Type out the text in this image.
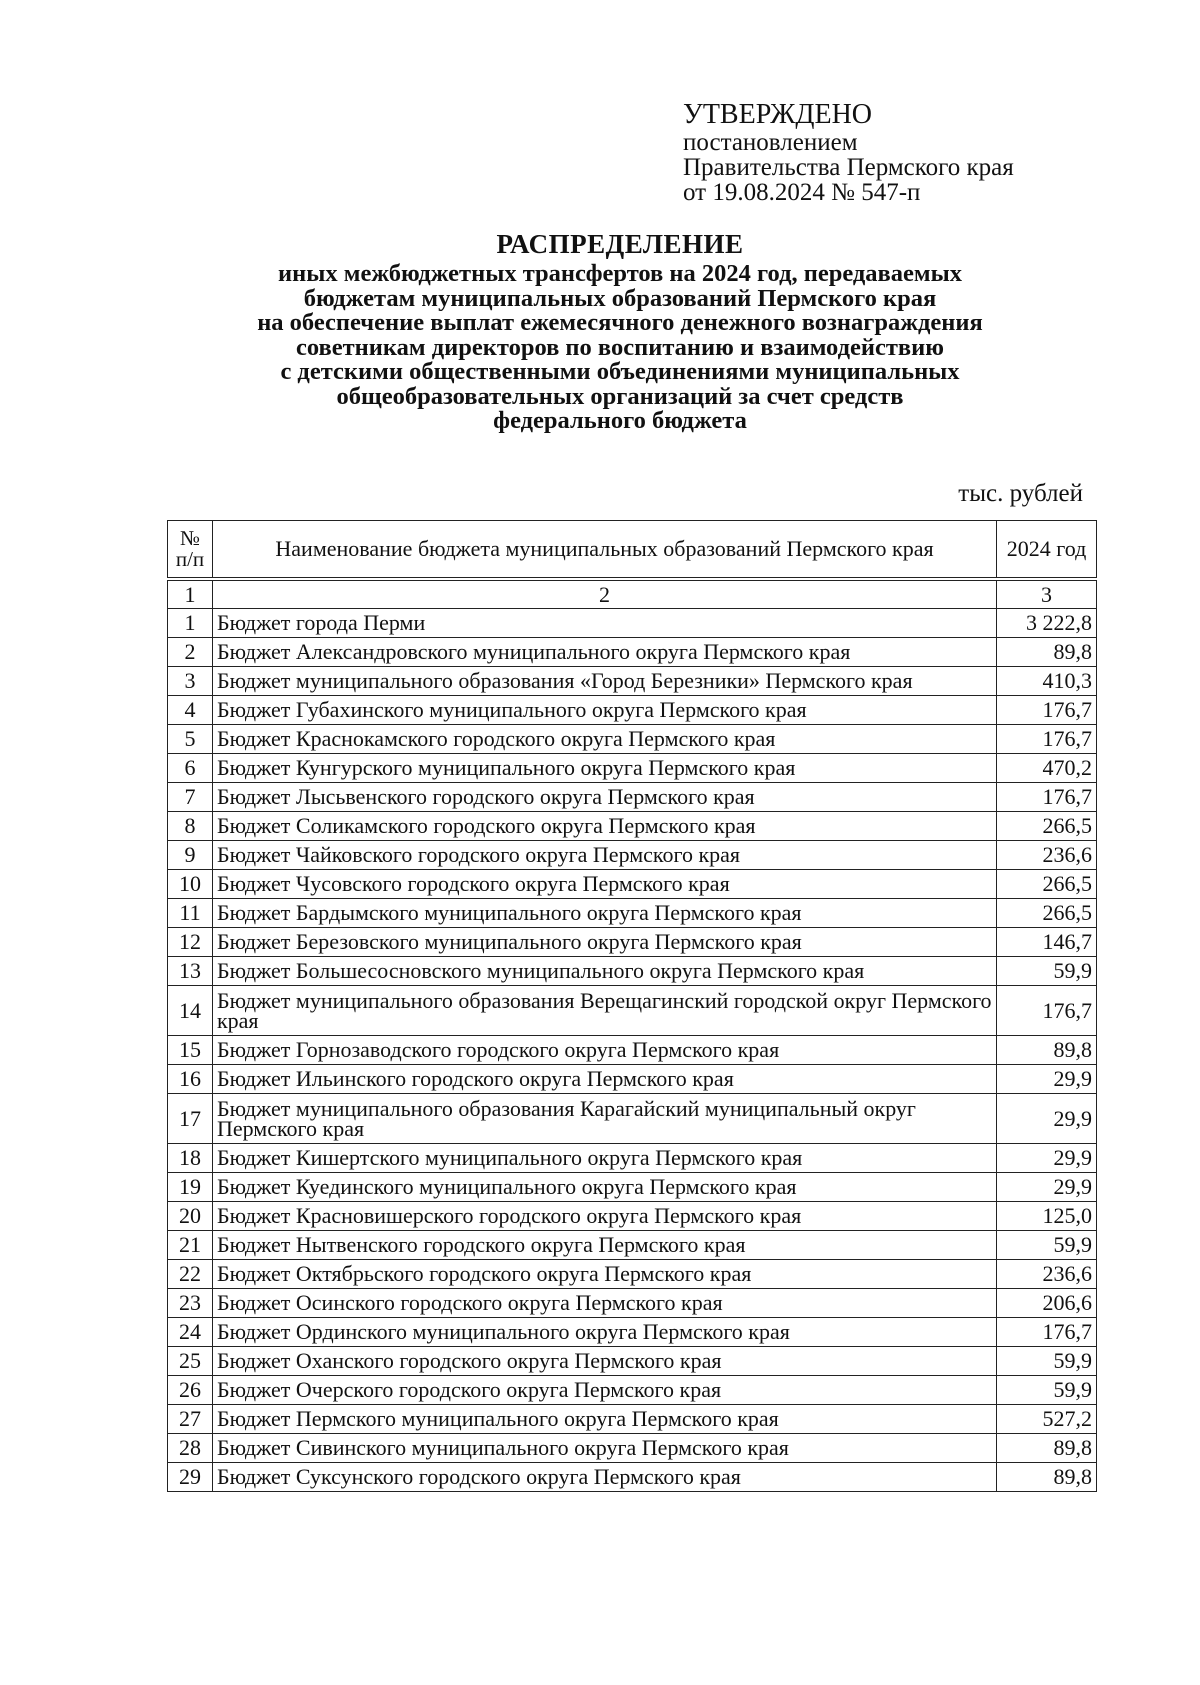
УТВЕРЖДЕНО
постановлением
Правительства Пермского края
от 19.08.2024 № 547-п
РАСПРЕДЕЛЕНИЕ
иных межбюджетных трансфертов на 2024 год, передаваемых
бюджетам муниципальных образований Пермского края
на обеспечение выплат ежемесячного денежного вознаграждения
советникам директоров по воспитанию и взаимодействию
с детскими общественными объединениями муниципальных
общеобразовательных организаций за счет средств
федерального бюджета
тыс. рублей
№ п/п	Наименование бюджета муниципальных образований Пермского края	2024 год
1	2	3
1	Бюджет города Перми	3 222,8
2	Бюджет Александровского муниципального округа Пермского края	89,8
3	Бюджет муниципального образования «Город Березники» Пермского края	410,3
4	Бюджет Губахинского муниципального округа Пермского края	176,7
5	Бюджет Краснокамского городского округа Пермского края	176,7
6	Бюджет Кунгурского муниципального округа Пермского края	470,2
7	Бюджет Лысьвенского городского округа Пермского края	176,7
8	Бюджет Соликамского городского округа Пермского края	266,5
9	Бюджет Чайковского городского округа Пермского края	236,6
10	Бюджет Чусовского городского округа Пермского края	266,5
11	Бюджет Бардымского муниципального округа Пермского края	266,5
12	Бюджет Березовского муниципального округа Пермского края	146,7
13	Бюджет Большесосновского муниципального округа Пермского края	59,9
14	Бюджет муниципального образования Верещагинский городской округ Пермского края	176,7
15	Бюджет Горнозаводского городского округа Пермского края	89,8
16	Бюджет Ильинского городского округа Пермского края	29,9
17	Бюджет муниципального образования Карагайский муниципальный округ Пермского края	29,9
18	Бюджет Кишертского муниципального округа Пермского края	29,9
19	Бюджет Куединского муниципального округа Пермского края	29,9
20	Бюджет Красновишерского городского округа Пермского края	125,0
21	Бюджет Нытвенского городского округа Пермского края	59,9
22	Бюджет Октябрьского городского округа Пермского края	236,6
23	Бюджет Осинского городского округа Пермского края	206,6
24	Бюджет Ординского муниципального округа Пермского края	176,7
25	Бюджет Оханского городского округа Пермского края	59,9
26	Бюджет Очерского городского округа Пермского края	59,9
27	Бюджет Пермского муниципального округа Пермского края	527,2
28	Бюджет Сивинского муниципального округа Пермского края	89,8
29	Бюджет Суксунского городского округа Пермского края	89,8
